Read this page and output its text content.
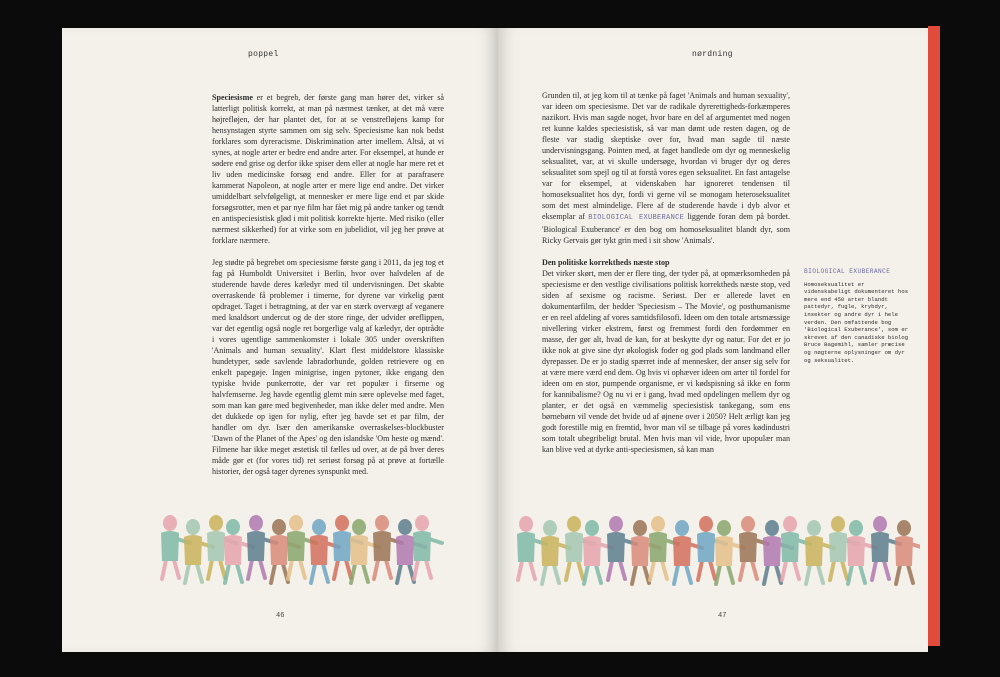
poppel

Speciesisme er et begreb, der første gang man hører det, virker så latterligt politisk korrekt, at man på nærmest tænker, at det må være højrefløjen, der har plantet det, for at se venstrefløjens kamp for hensynstagen styrte sammen om sig selv. Speciesisme kan nok bedst forklares som dyreracisme. Diskrimination arter imellem. Altså, at vi synes, at nogle arter er bedre end andre arter. For eksempel, at hunde er sødere end grise og derfor ikke spiser dem eller at nogle har mere ret et liv uden medicinske forsøg end andre. Eller for at parafrasere kammerat Napoleon, at nogle arter er mere lige end andre. Det virker umiddelbart selvfølgeligt, at mennesker er mere lige end et par skide forsøgsrotter, men et par nye film har fået mig på andre tanker og tændt en antispeciesistisk glød i mit politisk korrekte hjerte. Med risiko (eller nærmest sikkerhed) for at virke som en jubelidiot, vil jeg her prøve at forklare nærmere.

Jeg stødte på begrebet om speciesisme første gang i 2011, da jeg tog et fag på Humboldt Universitet i Berlin, hvor over halvdelen af de studerende havde deres kæledyr med til undervisningen. Det skabte overraskende få problemer i timerne, for dyrene var virkelig pænt opdraget. Taget i betragtning, at der var en stærk overvægt af veganere med knaldsort undercut og de der store ringe, der udvider øreflippen, var det egentlig også nogle ret borgerlige valg af kæledyr, der optrådte i vores ugentlige sammenkomster i lokale 305 under overskriften 'Animals and human sexuality'. Klart flest middelstore klassiske hundetyper, søde savlende labradorhunde, golden retrievere og en enkelt papegøje. Ingen minigrise, ingen pytoner, ikke engang den typiske hvide punkerrotte, der var ret populær i firserne og halvfemserne. Jeg havde egentlig glemt min sære oplevelse med faget, som man kan gøre med begivenheder, man ikke deler med andre. Men det dukkede op igen for nylig, efter jeg havde set et par film, der handler om dyr. Især den amerikanske overraskelses-blockbuster 'Dawn of the Planet of the Apes' og den islandske 'Om heste og mænd'. Filmene har ikke meget æstetisk til fælles ud over, at de på hver deres måde gør et (for vores tid) ret seriøst forsøg på at prøve at fortælle historier, der også tager dyrenes synspunkt med.

46
nørdning

Grunden til, at jeg kom til at tænke på faget 'Animals and human sexuality', var ideen om speciesisme. Det var de radikale dyrerettigheds-forkæmperes nazikort. Hvis man sagde noget, hvor bare en del af argumentet med nogen ret kunne kaldes speciesistisk, så var man dømt ude resten dagen, og de fleste var stadig skeptiske over for, hvad man sagde til næste undervisningsgang. Pointen med, at faget handlede om dyr og menneskelig seksualitet, var, at vi skulle undersøge, hvordan vi bruger dyr og deres seksualitet som spejl og til at forstå vores egen seksualitet. En fast antagelse var for eksempel, at videnskaben har ignoreret tendensen til homoseksualitet hos dyr, fordi vi gerne vil se monogam heteroseksualitet som det mest almindelige. Flere af de studerende havde i dyb alvor et eksemplar af BIOLOGICAL EXUBERANCE liggende foran dem på bordet. 'Biological Exuberance' er den bog om homoseksualitet blandt dyr, som Ricky Gervais gør tykt grin med i sit show 'Animals'.

Den politiske korrektheds næste stop

Det virker skørt, men der er flere ting, der tyder på, at opmærksomheden på speciesisme er den vestlige civilisations politisk korrektheds næste stop, ved siden af sexisme og racisme. Seriøst. Der er allerede lavet en dokumentarfilm, der hedder 'Speciesism – The Movie', og posthumanisme er en reel afdeling af vores samtidsfilosofi. Ideen om den totale artsmæssige nivellering virker ekstrem, først og fremmest fordi den fordømmer en masse, der gør alt, hvad de kan, for at beskytte dyr og natur. For det er jo ikke nok at give sine dyr økologisk foder og god plads som landmand eller dyrepasser. De er jo stadig spærret inde af mennesker, der anser sig selv for at være mere værd end dem. Og hvis vi ophæver ideen om arter til fordel for ideen om en stor, pumpende organisme, er vi kødspisning så ikke en form for kannibalisme? Og nu vi er i gang, hvad med opdelingen mellem dyr og planter, er det også en væmmelig speciesistisk tankegang, som ens børnebørn vil vende det hvide ud af øjnene over i 2050? Helt ærligt kan jeg godt forestille mig en fremtid, hvor man vil se tilbage på vores kødindustri som totalt ubegribeligt brutal. Men hvis man vil vide, hvor upopulær man kan blive ved at dyrke anti-speciesismen, så kan man

BIOLOGICAL EXUBERANCE
Homoseksualitet er videnskabeligt dokumenteret hos mere end 450 arter blandt pattedyr, fugle, krybdyr, insekter og andre dyr i hele verden. Den omfattende bog 'Biological Exuberance', som er skrevet af den canadiske biolog Bruce Bagemihl, samler præcise og nøgterne oplysninger om dyr og seksualitet.
47
